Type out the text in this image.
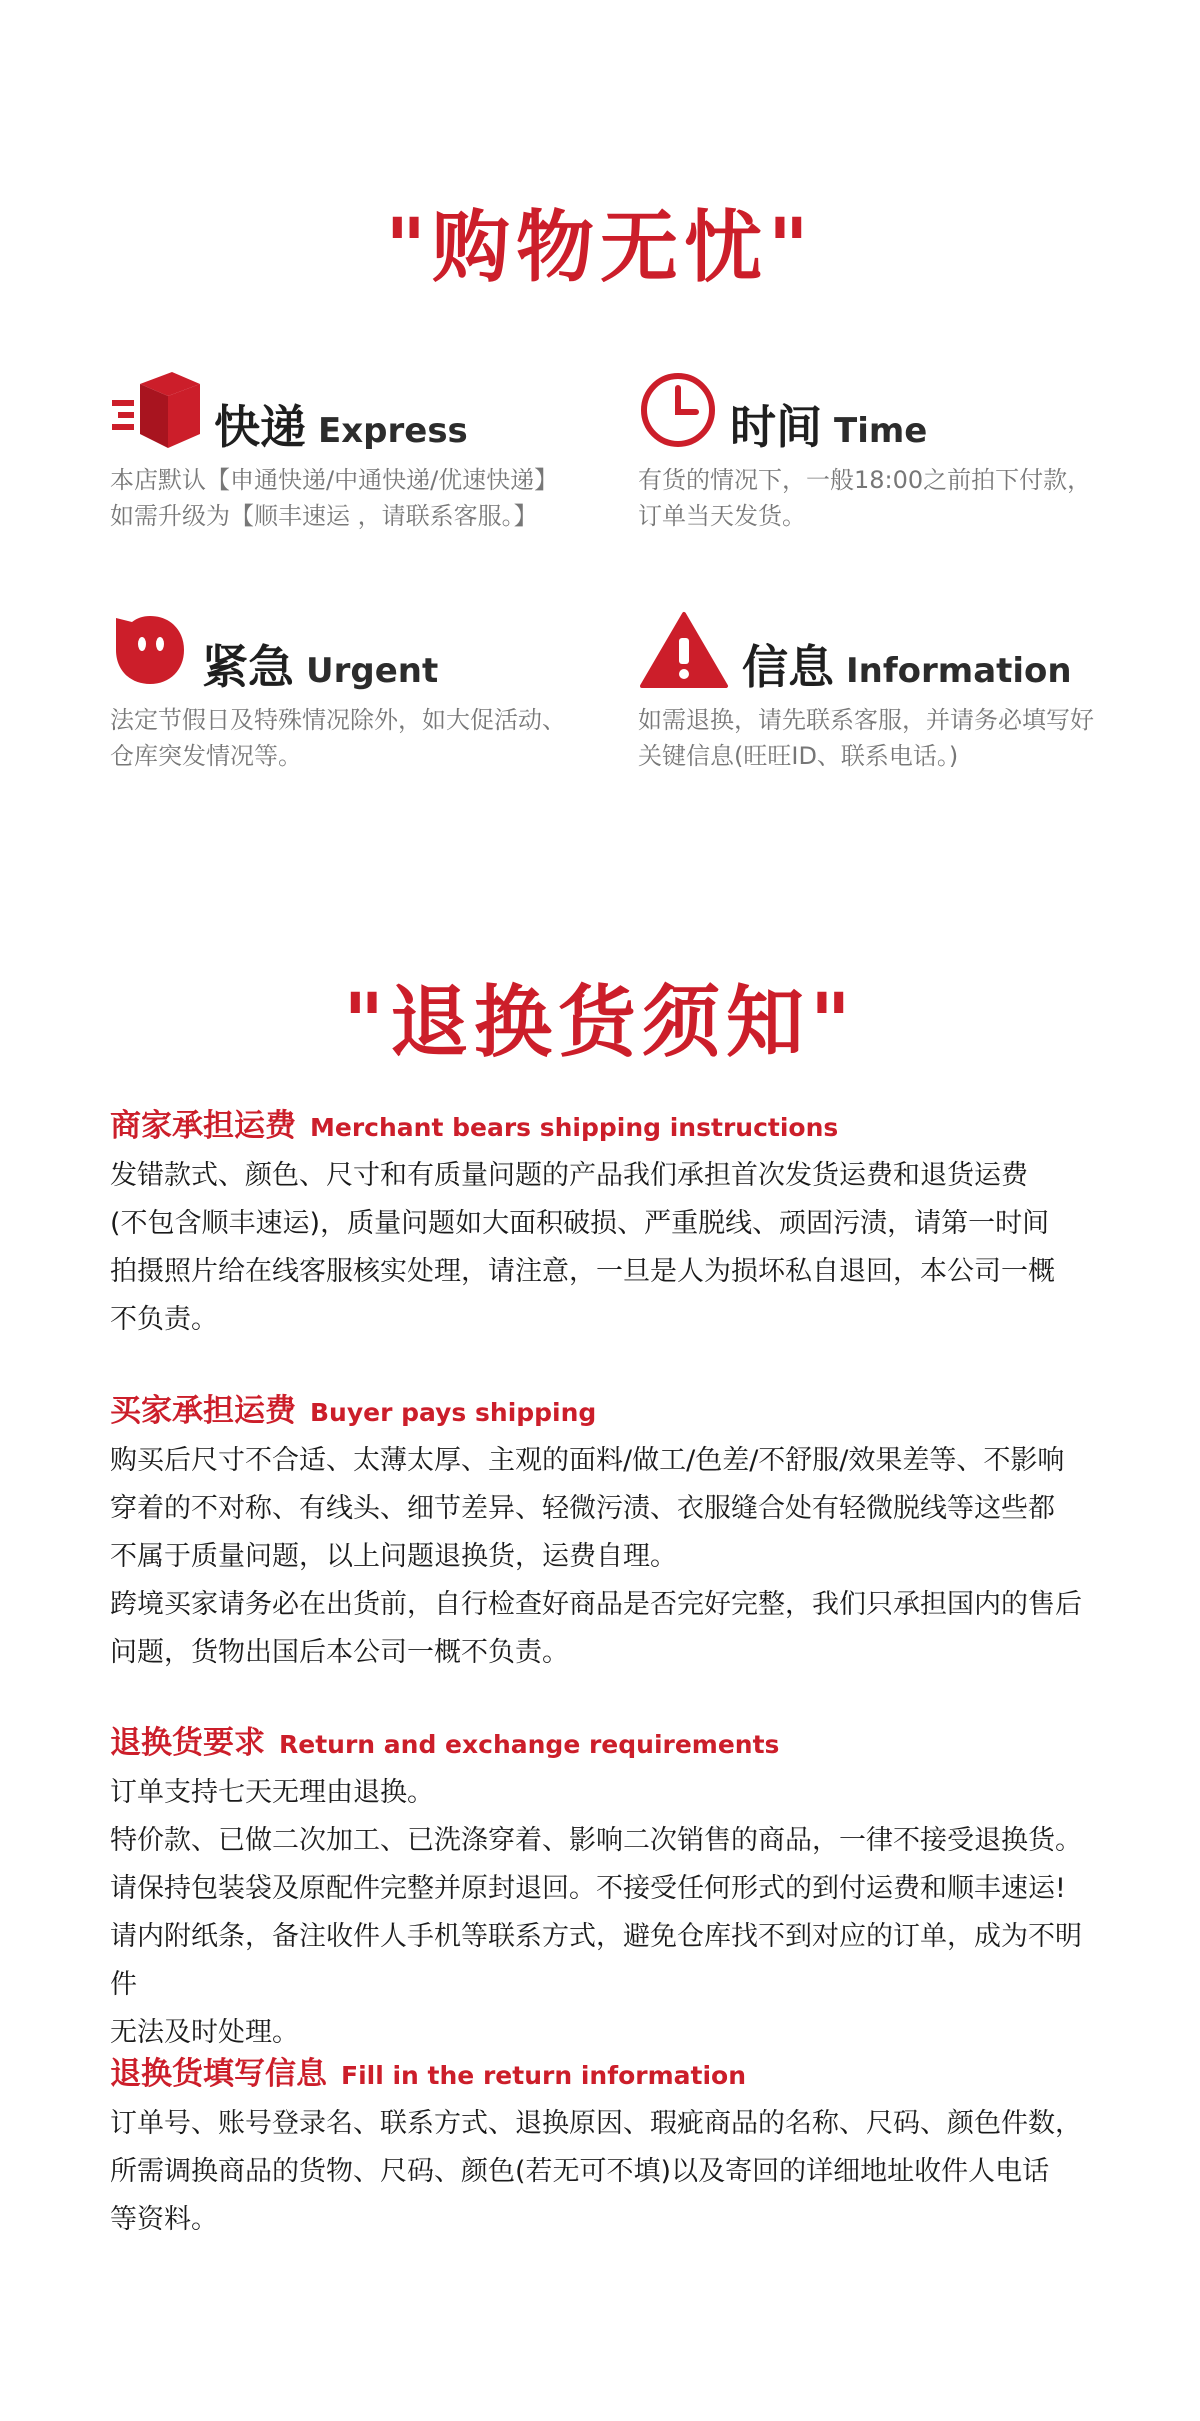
"购物无忧"
快递 Express

本店默认【申通快递/中通快递/优速快递】

如需升级为【顺丰速运 ，请联系客服。】

时间 Time

有货的情况下，一般18:00之前拍下付款，

订单当天发货。

紧急 Urgent

法定节假日及特殊情况除外，如大促活动、

仓库突发情况等。

信息 Information

如需退换，请先联系客服，并请务必填写好

关键信息(旺旺ID、联系电话。)

"退换货须知"
商家承担运费 Merchant bears shipping instructions

发错款式、颜色、尺寸和有质量问题的产品我们承担首次发货运费和退货运费

(不包含顺丰速运)，质量问题如大面积破损、严重脱线、顽固污渍，请第一时间

拍摄照片给在线客服核实处理，请注意，一旦是人为损坏私自退回，本公司一概

不负责。

买家承担运费 Buyer pays shipping

购买后尺寸不合适、太薄太厚、主观的面料/做工/色差/不舒服/效果差等、不影响

穿着的不对称、有线头、细节差异、轻微污渍、衣服缝合处有轻微脱线等这些都

不属于质量问题，以上问题退换货，运费自理。

跨境买家请务必在出货前，自行检查好商品是否完好完整，我们只承担国内的售后

问题，货物出国后本公司一概不负责。

退换货要求 Return and exchange requirements

订单支持七天无理由退换。

特价款、已做二次加工、已洗涤穿着、影响二次销售的商品，一律不接受退换货。

请保持包装袋及原配件完整并原封退回。不接受任何形式的到付运费和顺丰速运!

请内附纸条，备注收件人手机等联系方式，避免仓库找不到对应的订单，成为不明件

无法及时处理。

退换货填写信息 Fill in the return information

订单号、账号登录名、联系方式、退换原因、瑕疵商品的名称、尺码、颜色件数，

所需调换商品的货物、尺码、颜色(若无可不填)以及寄回的详细地址收件人电话

等资料。
